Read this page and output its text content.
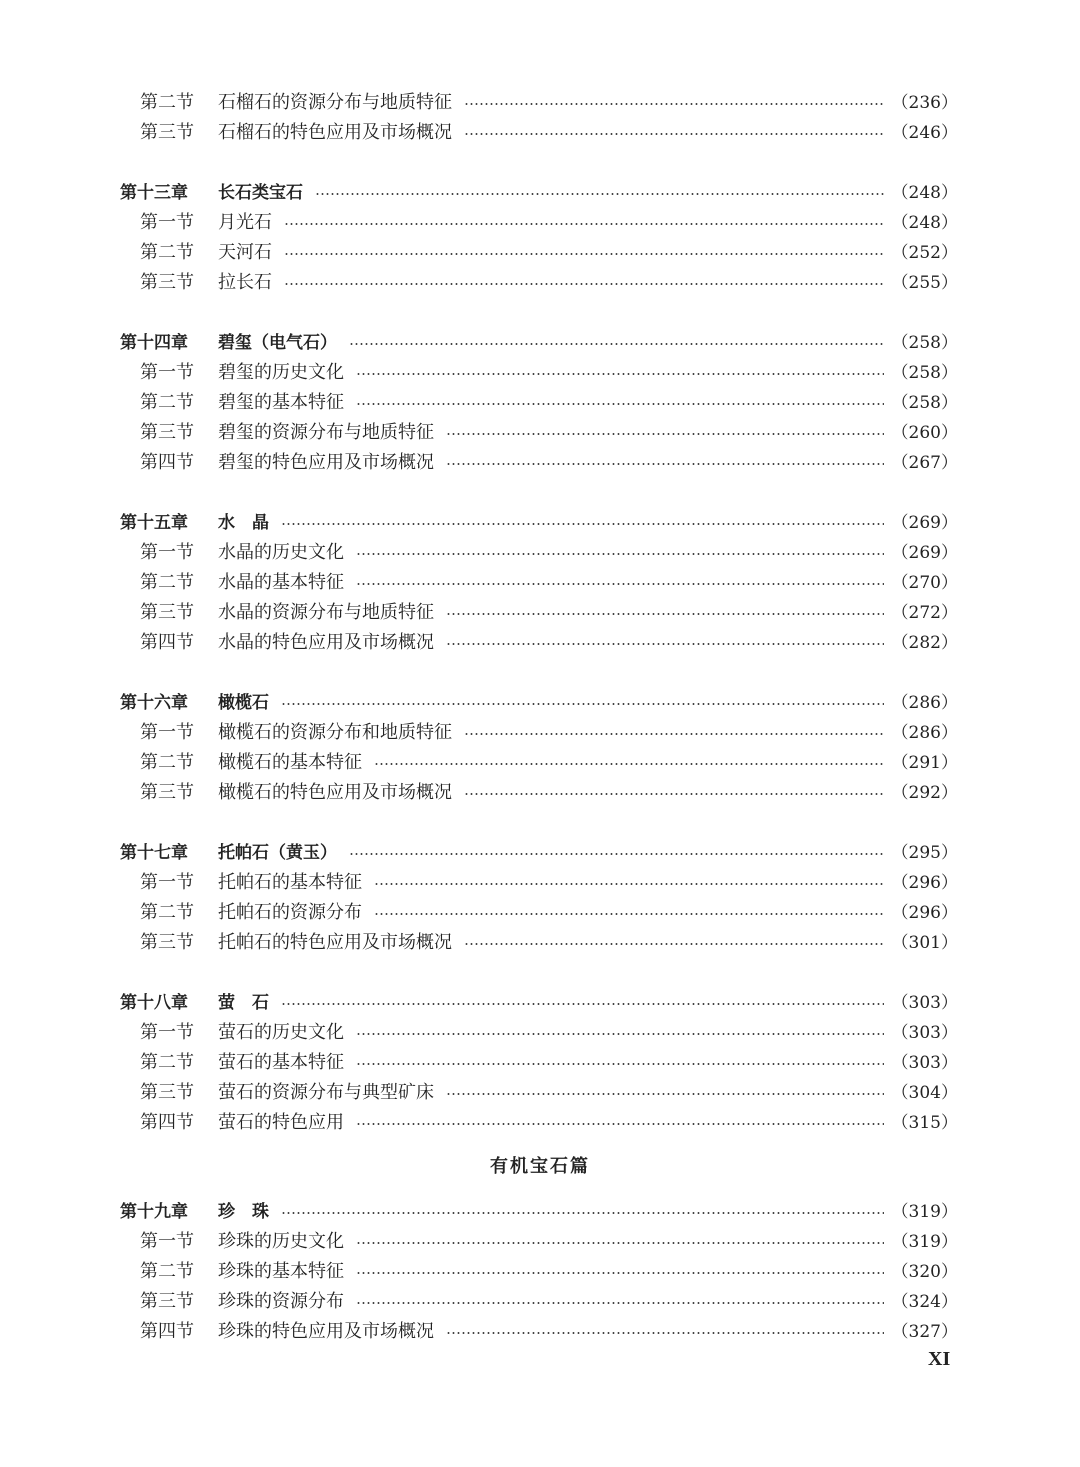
第二节	石榴石的资源分布与地质特征	（236）
第三节	石榴石的特色应用及市场概况	（246）
第十三章	长石类宝石	（248）
第一节	月光石	（248）
第二节	天河石	（252）
第三节	拉长石	（255）
第十四章	碧玺（电气石）	（258）
第一节	碧玺的历史文化	（258）
第二节	碧玺的基本特征	（258）
第三节	碧玺的资源分布与地质特征	（260）
第四节	碧玺的特色应用及市场概况	（267）
第十五章	水　晶	（269）
第一节	水晶的历史文化	（269）
第二节	水晶的基本特征	（270）
第三节	水晶的资源分布与地质特征	（272）
第四节	水晶的特色应用及市场概况	（282）
第十六章	橄榄石	（286）
第一节	橄榄石的资源分布和地质特征	（286）
第二节	橄榄石的基本特征	（291）
第三节	橄榄石的特色应用及市场概况	（292）
第十七章	托帕石（黄玉）	（295）
第一节	托帕石的基本特征	（296）
第二节	托帕石的资源分布	（296）
第三节	托帕石的特色应用及市场概况	（301）
第十八章	萤　石	（303）
第一节	萤石的历史文化	（303）
第二节	萤石的基本特征	（303）
第三节	萤石的资源分布与典型矿床	（304）
第四节	萤石的特色应用	（315）
第十九章	珍　珠	（319）
第一节	珍珠的历史文化	（319）
第二节	珍珠的基本特征	（320）
第三节	珍珠的资源分布	（324）
第四节	珍珠的特色应用及市场概况	（327）
有机宝石篇
XI
